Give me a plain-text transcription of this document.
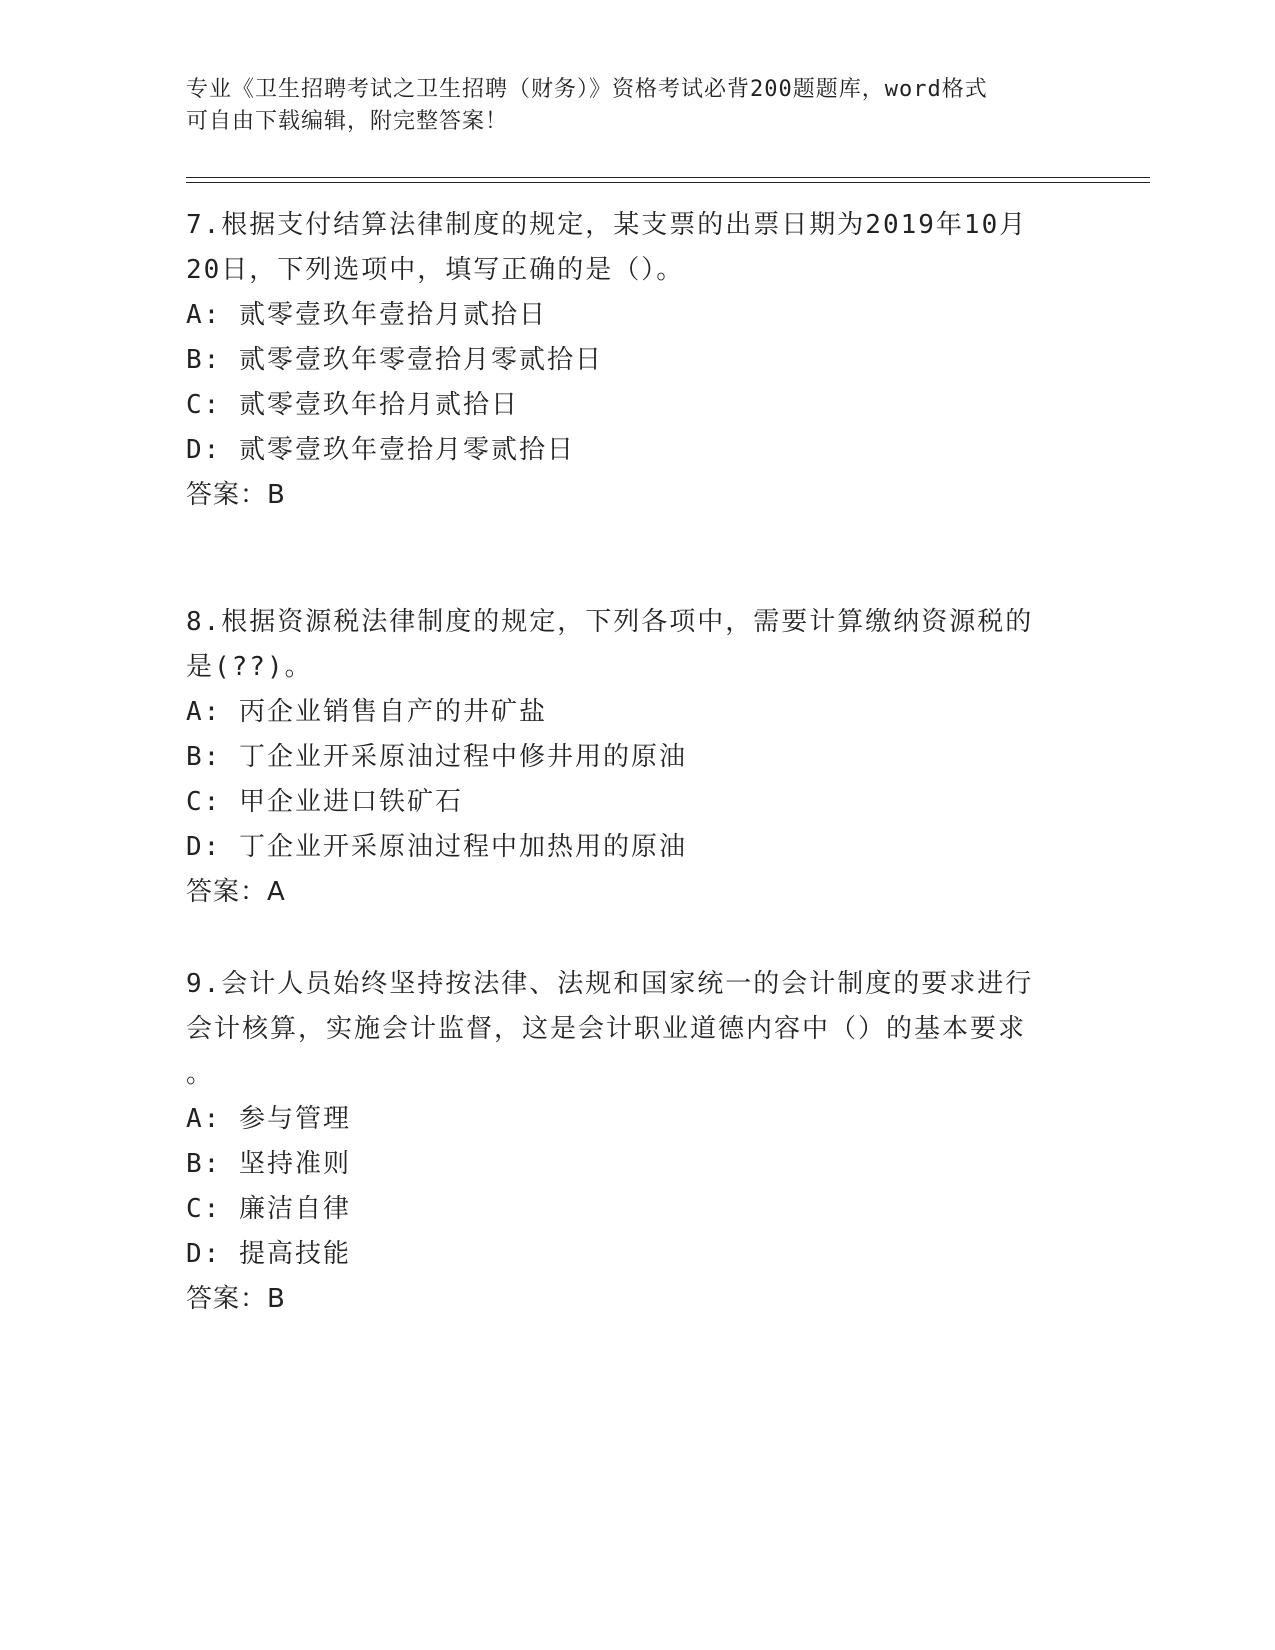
专业《卫生招聘考试之卫生招聘（财务）》资格考试必背200题题库，word格式
可自由下载编辑，附完整答案！

7.根据支付结算法律制度的规定，某支票的出票日期为2019年10月

20日，下列选项中，填写正确的是（）。

A: 贰零壹玖年壹拾月贰拾日

B: 贰零壹玖年零壹拾月零贰拾日

C: 贰零壹玖年拾月贰拾日

D: 贰零壹玖年壹拾月零贰拾日

答案：B

8.根据资源税法律制度的规定，下列各项中，需要计算缴纳资源税的

是(??)。

A: 丙企业销售自产的井矿盐

B: 丁企业开采原油过程中修井用的原油

C: 甲企业进口铁矿石

D: 丁企业开采原油过程中加热用的原油

答案：A

9.会计人员始终坚持按法律、法规和国家统一的会计制度的要求进行

会计核算，实施会计监督，这是会计职业道德内容中（）的基本要求

。

A: 参与管理

B: 坚持准则

C: 廉洁自律

D: 提高技能

答案：B
